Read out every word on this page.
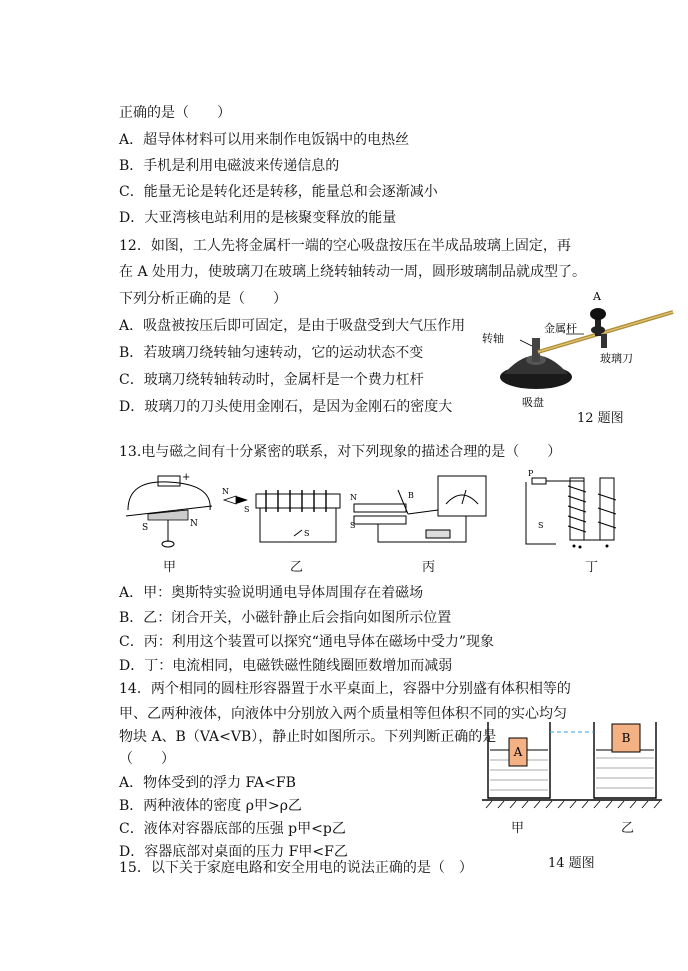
正确的是（　　）
A．超导体材料可以用来制作电饭锅中的电热丝
B．手机是利用电磁波来传递信息的
C．能量无论是转化还是转移，能量总和会逐渐减小
D．大亚湾核电站利用的是核聚变释放的能量
12．如图，工人先将金属杆一端的空心吸盘按压在半成品玻璃上固定，再
在 A 处用力，使玻璃刀在玻璃上绕转轴转动一周，圆形玻璃制品就成型了。
下列分析正确的是（　　）
A．吸盘被按压后即可固定，是由于吸盘受到大气压作用
B．若玻璃刀绕转轴匀速转动，它的运动状态不变
C．玻璃刀绕转轴转动时，金属杆是一个费力杠杆
D．玻璃刀的刀头使用金刚石，是因为金刚石的密度大
A
金属杆
转轴
玻璃刀
吸盘
12 题图
13.电与磁之间有十分紧密的联系，对下列现象的描述合理的是（　　）
+
S	N
N
S
S
S
N	B
P
S
甲	乙	丙	丁
A．甲：奥斯特实验说明通电导体周围存在着磁场
B．乙：闭合开关，小磁针静止后会指向如图所示位置
C．丙：利用这个装置可以探究“通电导体在磁场中受力”现象
D．丁：电流相同，电磁铁磁性随线圈匝数增加而减弱
14．两个相同的圆柱形容器置于水平桌面上，容器中分别盛有体积相等的
甲、乙两种液体，向液体中分别放入两个质量相等但体积不同的实心均匀
物块 A、B（VA<VB），静止时如图所示。下列判断正确的是
（　　）
A．物体受到的浮力 FA<FB
B．两种液体的密度 ρ甲>ρ乙
C．液体对容器底部的压强 p甲<p乙
D．容器底部对桌面的压力 F甲<F乙
A
B
甲	乙
14 题图
15．以下关于家庭电路和安全用电的说法正确的是（　）
